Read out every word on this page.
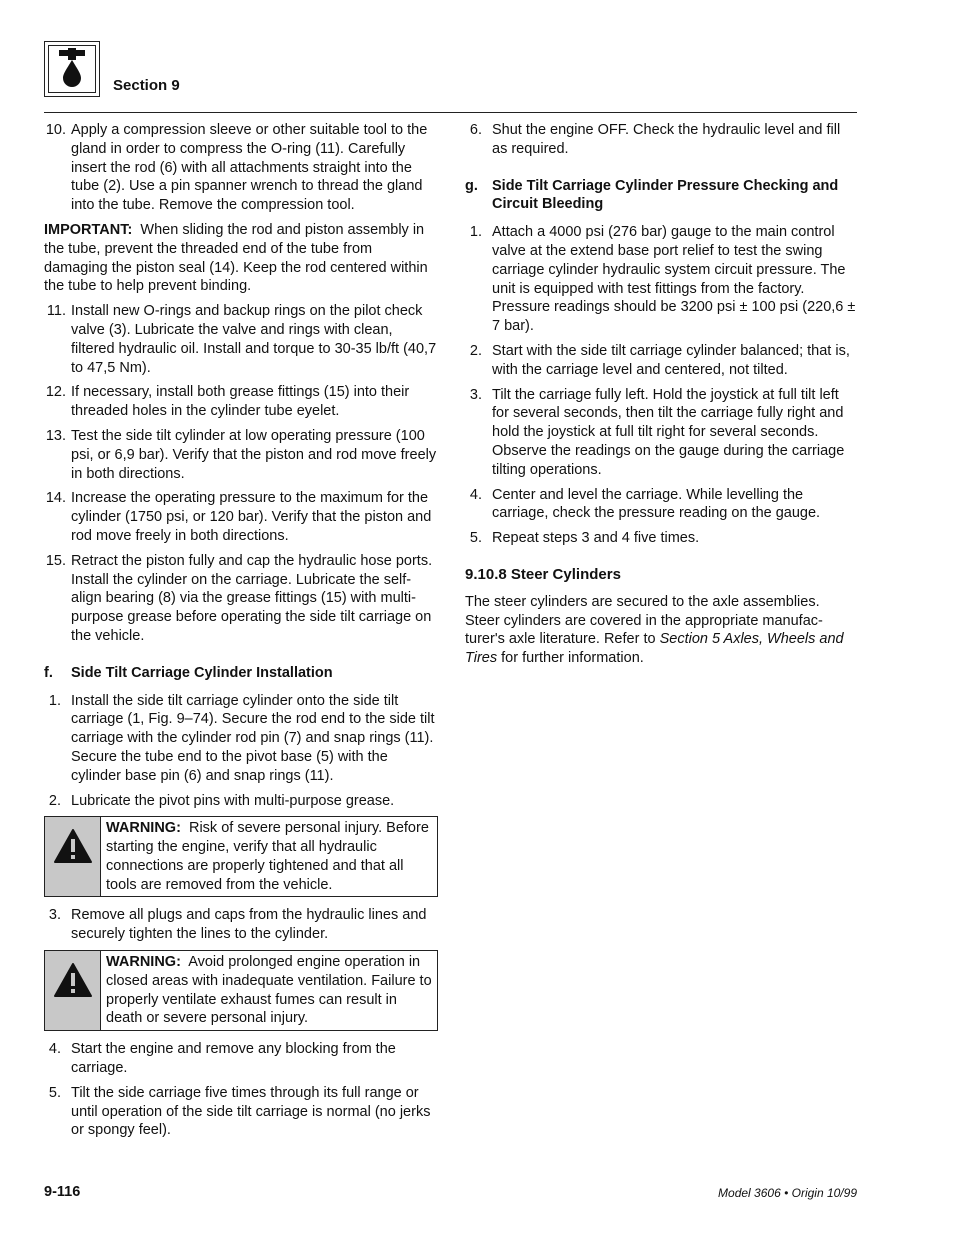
Section 9
10. Apply a compression sleeve or other suitable tool to the gland in order to compress the O-ring (11). Carefully insert the rod (6) with all attachments straight into the tube (2). Use a pin spanner wrench to thread the gland into the tube. Remove the compression tool.
IMPORTANT: When sliding the rod and piston assembly in the tube, prevent the threaded end of the tube from damaging the piston seal (14). Keep the rod centered within the tube to help prevent binding.
11. Install new O-rings and backup rings on the pilot check valve (3). Lubricate the valve and rings with clean, filtered hydraulic oil. Install and torque to 30-35 lb/ft (40,7 to 47,5 Nm).
12. If necessary, install both grease fittings (15) into their threaded holes in the cylinder tube eyelet.
13. Test the side tilt cylinder at low operating pressure (100 psi, or 6,9 bar). Verify that the piston and rod move freely in both directions.
14. Increase the operating pressure to the maximum for the cylinder (1750 psi, or 120 bar). Verify that the piston and rod move freely in both directions.
15. Retract the piston fully and cap the hydraulic hose ports. Install the cylinder on the carriage. Lubricate the self-align bearing (8) via the grease fittings (15) with multi-purpose grease before operating the side tilt carriage on the vehicle.
f.	Side Tilt Carriage Cylinder Installation
1. Install the side tilt carriage cylinder onto the side tilt carriage (1, Fig. 9–74). Secure the rod end to the side tilt carriage with the cylinder rod pin (7) and snap rings (11). Secure the tube end to the pivot base (5) with the cylinder base pin (6) and snap rings (11).
2. Lubricate the pivot pins with multi-purpose grease.
WARNING: Risk of severe personal injury. Before starting the engine, verify that all hydraulic connections are properly tightened and that all tools are removed from the vehicle.
3. Remove all plugs and caps from the hydraulic lines and securely tighten the lines to the cylinder.
WARNING: Avoid prolonged engine operation in closed areas with inadequate ventilation. Failure to properly ventilate exhaust fumes can result in death or severe personal injury.
4. Start the engine and remove any blocking from the carriage.
5. Tilt the side carriage five times through its full range or until operation of the side tilt carriage is normal (no jerks or spongy feel).
6. Shut the engine OFF. Check the hydraulic level and fill as required.
g. Side Tilt Carriage Cylinder Pressure Checking and Circuit Bleeding
1. Attach a 4000 psi (276 bar) gauge to the main control valve at the extend base port relief to test the swing carriage cylinder hydraulic system circuit pressure. The unit is equipped with test fittings from the factory. Pressure readings should be 3200 psi ± 100 psi (220,6 ± 7 bar).
2. Start with the side tilt carriage cylinder balanced; that is, with the carriage level and centered, not tilted.
3. Tilt the carriage fully left. Hold the joystick at full tilt left for several seconds, then tilt the carriage fully right and hold the joystick at full tilt right for several seconds. Observe the readings on the gauge during the carriage tilting operations.
4. Center and level the carriage. While levelling the carriage, check the pressure reading on the gauge.
5. Repeat steps 3 and 4 five times.
9.10.8 Steer Cylinders
The steer cylinders are secured to the axle assemblies. Steer cylinders are covered in the appropriate manufacturer's axle literature. Refer to Section 5 Axles, Wheels and Tires for further information.
9-116	Model 3606 • Origin 10/99
